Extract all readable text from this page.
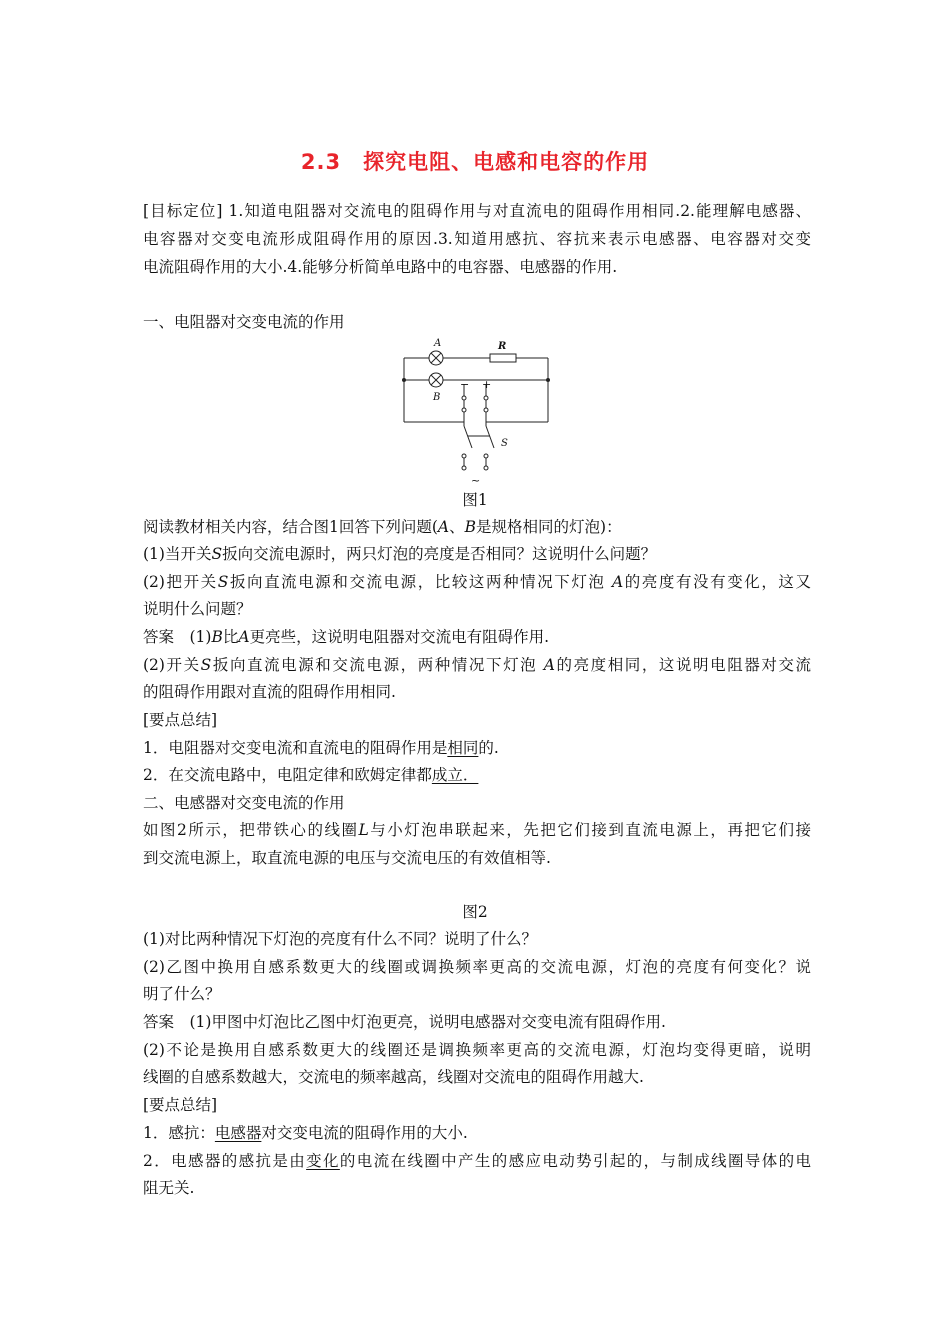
2.3　探究电阻、电感和电容的作用

[目标定位] 1.知道电阻器对交流电的阻碍作用与对直流电的阻碍作用相同.2.能理解电感器、

电容器对交变电流形成阻碍作用的原因.3.知道用感抗、容抗来表示电感器、电容器对交变

电流阻碍作用的大小.4.能够分析简单电路中的电容器、电感器的作用.

一、电阻器对交变电流的作用

A
B
R
S
− +
~

图1

阅读教材相关内容，结合图1回答下列问题(A、B是规格相同的灯泡)：

(1)当开关S扳向交流电源时，两只灯泡的亮度是否相同？这说明什么问题？

(2)把开关S扳向直流电源和交流电源，比较这两种情况下灯泡 A的亮度有没有变化，这又

说明什么问题？

答案　(1)B比A更亮些，这说明电阻器对交流电有阻碍作用.

(2)开关S扳向直流电源和交流电源，两种情况下灯泡 A的亮度相同，这说明电阻器对交流

的阻碍作用跟对直流的阻碍作用相同.

[要点总结]

1．电阻器对交变电流和直流电的阻碍作用是相同的.

2．在交流电路中，电阻定律和欧姆定律都成立．

二、电感器对交变电流的作用

如图2所示，把带铁心的线圈L与小灯泡串联起来，先把它们接到直流电源上，再把它们接

到交流电源上，取直流电源的电压与交流电压的有效值相等.

图2

(1)对比两种情况下灯泡的亮度有什么不同？说明了什么？

(2)乙图中换用自感系数更大的线圈或调换频率更高的交流电源，灯泡的亮度有何变化？说

明了什么？

答案　(1)甲图中灯泡比乙图中灯泡更亮，说明电感器对交变电流有阻碍作用.

(2)不论是换用自感系数更大的线圈还是调换频率更高的交流电源，灯泡均变得更暗，说明

线圈的自感系数越大，交流电的频率越高，线圈对交流电的阻碍作用越大.

[要点总结]

1．感抗：电感器对交变电流的阻碍作用的大小.

2．电感器的感抗是由变化的电流在线圈中产生的感应电动势引起的，与制成线圈导体的电

阻无关.
